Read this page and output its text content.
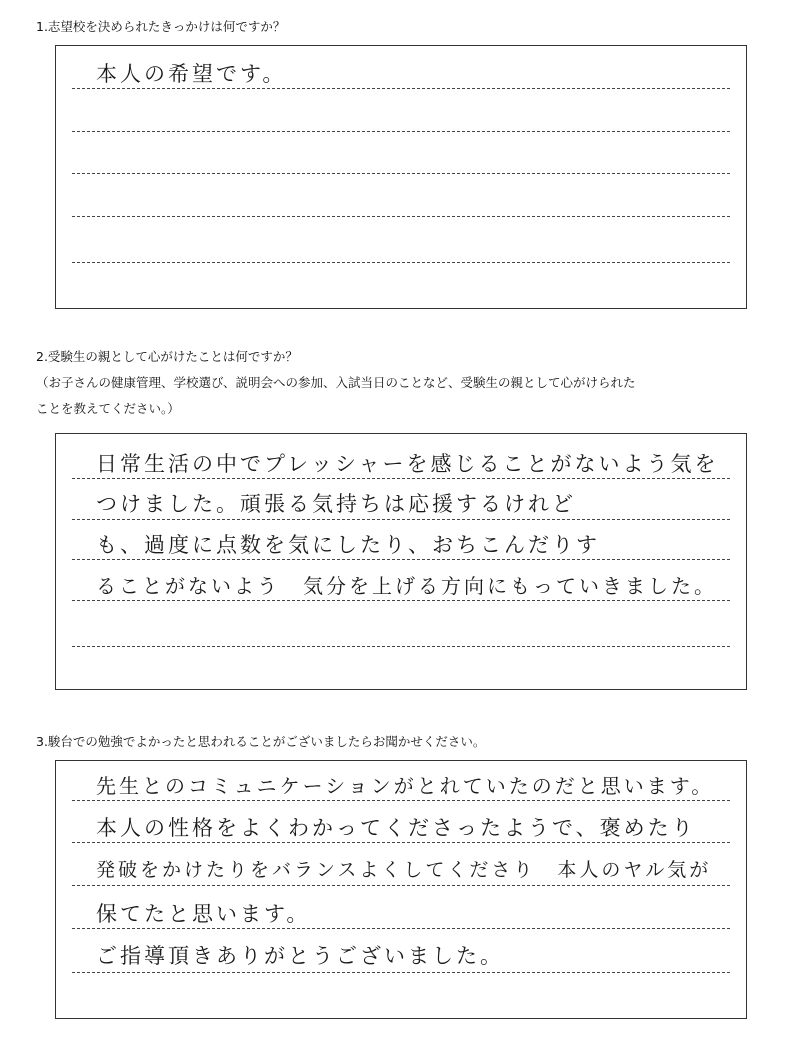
1.志望校を決められたきっかけは何ですか？
本人の希望です。
2.受験生の親として心がけたことは何ですか？
（お子さんの健康管理、学校選び、説明会への参加、入試当日のことなど、受験生の親として心がけられた
ことを教えてください。）
日常生活の中でプレッシャーを感じることがないよう気を
つけました。頑張る気持ちは応援するけれど
も、過度に点数を気にしたり、おちこんだりす
ることがないよう　気分を上げる方向にもっていきました。
3.駿台での勉強でよかったと思われることがございましたらお聞かせください。
先生とのコミュニケーションがとれていたのだと思います。
本人の性格をよくわかってくださったようで、褒めたり
発破をかけたりをバランスよくしてくださり　本人のヤル気が
保てたと思います。
ご指導頂きありがとうございました。
